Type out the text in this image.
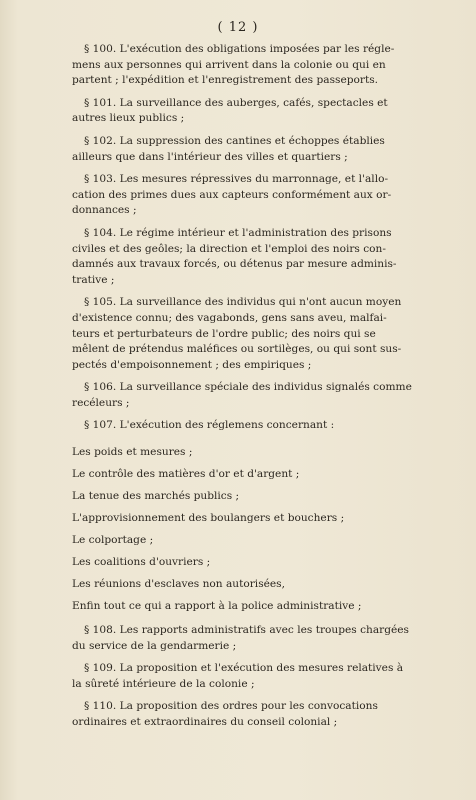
( 12 )
§ 100. L'exécution des obligations imposées par les régle-
mens aux personnes qui arrivent dans la colonie ou qui en
partent ; l'expédition et l'enregistrement des passeports.
§ 101. La surveillance des auberges, cafés, spectacles et
autres lieux publics ;
§ 102. La suppression des cantines et échoppes établies
ailleurs que dans l'intérieur des villes et quartiers ;
§ 103. Les mesures répressives du marronnage, et l'allo-
cation des primes dues aux capteurs conformément aux or-
donnances ;
§ 104. Le régime intérieur et l'administration des prisons
civiles et des geôles; la direction et l'emploi des noirs con-
damnés aux travaux forcés, ou détenus par mesure adminis-
trative ;
§ 105. La surveillance des individus qui n'ont aucun moyen
d'existence connu; des vagabonds, gens sans aveu, malfai-
teurs et perturbateurs de l'ordre public; des noirs qui se
mêlent de prétendus maléfices ou sortilèges, ou qui sont sus-
pectés d'empoisonnement ; des empiriques ;
§ 106. La surveillance spéciale des individus signalés comme
recéleurs ;
§ 107. L'exécution des réglemens concernant :
Les poids et mesures ;
Le contrôle des matières d'or et d'argent ;
La tenue des marchés publics ;
L'approvisionnement des boulangers et bouchers ;
Le colportage ;
Les coalitions d'ouvriers ;
Les réunions d'esclaves non autorisées,
Enfin tout ce qui a rapport à la police administrative ;
§ 108. Les rapports administratifs avec les troupes chargées
du service de la gendarmerie ;
§ 109. La proposition et l'exécution des mesures relatives à
la sûreté intérieure de la colonie ;
§ 110. La proposition des ordres pour les convocations
ordinaires et extraordinaires du conseil colonial ;
